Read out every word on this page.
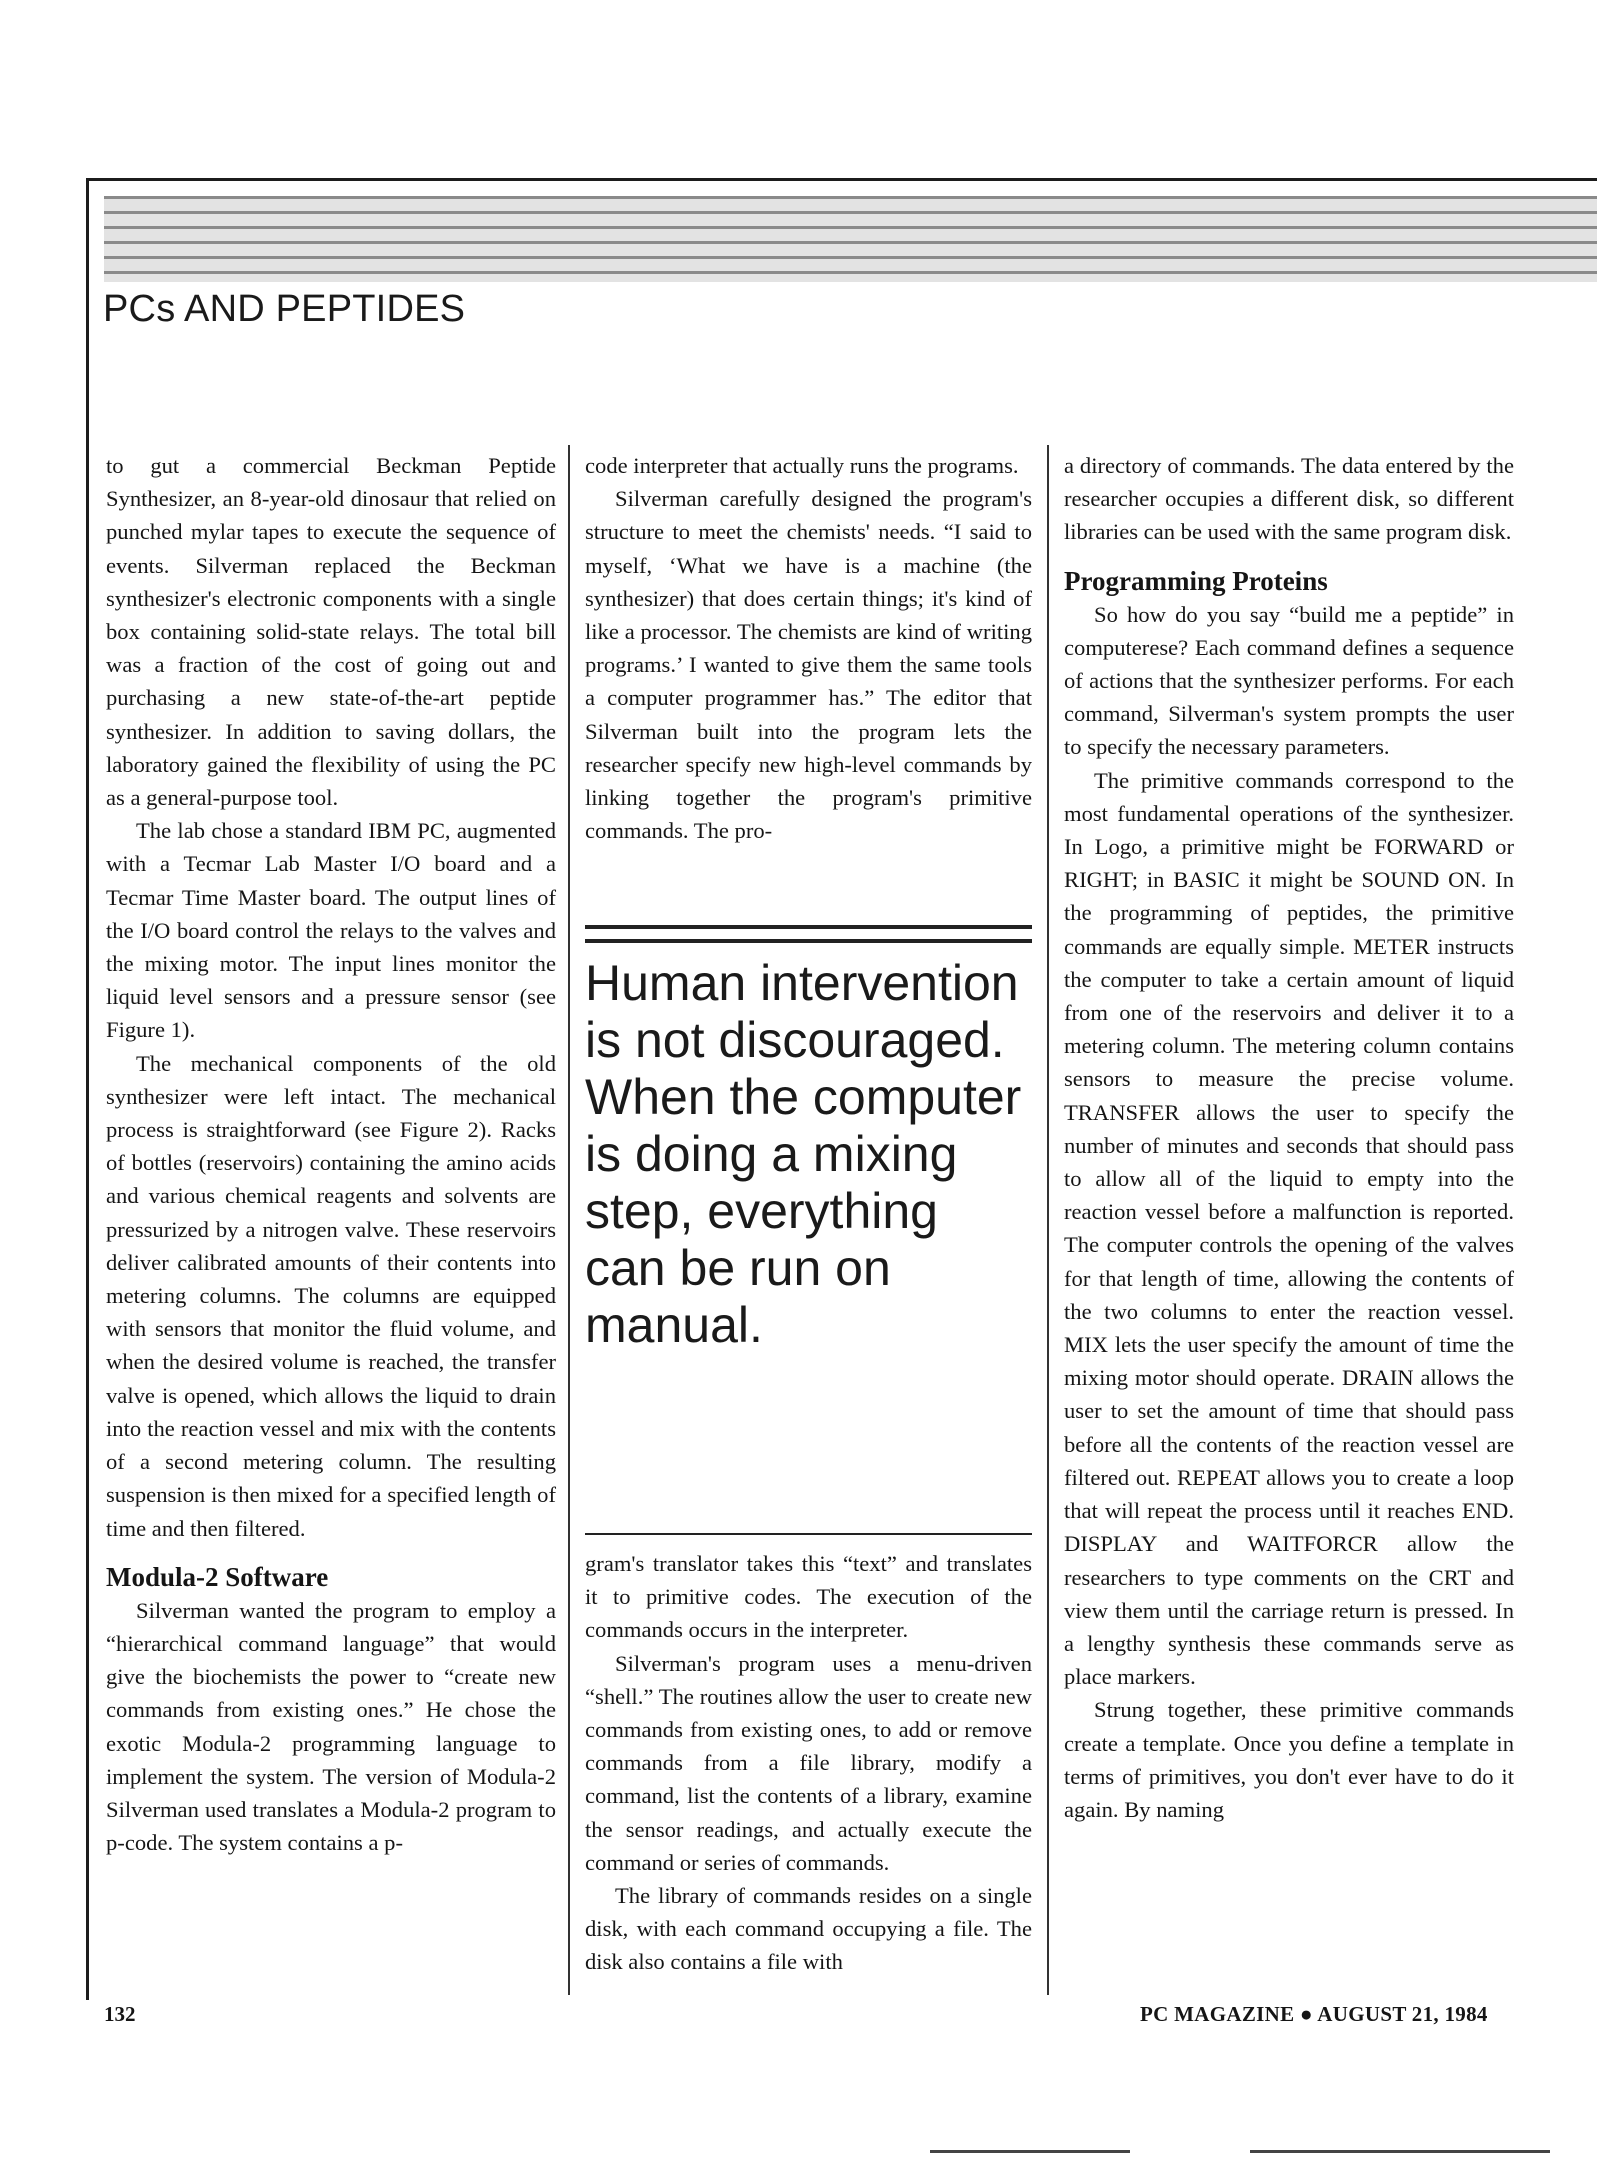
PCs AND PEPTIDES

to gut a commercial Beckman Peptide Synthesizer, an 8-year-old dinosaur that relied on punched mylar tapes to execute the sequence of events. Silverman replaced the Beckman synthesizer's electronic components with a single box containing solid-state relays. The total bill was a fraction of the cost of going out and purchasing a new state-of-the-art peptide synthesizer. In addition to saving dollars, the laboratory gained the flexibility of using the PC as a general-purpose tool.

The lab chose a standard IBM PC, augmented with a Tecmar Lab Master I/O board and a Tecmar Time Master board. The output lines of the I/O board control the relays to the valves and the mixing motor. The input lines monitor the liquid level sensors and a pressure sensor (see Figure 1).

The mechanical components of the old synthesizer were left intact. The mechanical process is straightforward (see Figure 2). Racks of bottles (reservoirs) containing the amino acids and various chemical reagents and solvents are pressurized by a nitrogen valve. These reservoirs deliver calibrated amounts of their contents into metering columns. The columns are equipped with sensors that monitor the fluid volume, and when the desired volume is reached, the transfer valve is opened, which allows the liquid to drain into the reaction vessel and mix with the contents of a second metering column. The resulting suspension is then mixed for a specified length of time and then filtered.

Modula-2 Software

Silverman wanted the program to employ a “hierarchical command language” that would give the biochemists the power to “create new commands from existing ones.” He chose the exotic Modula-2 programming language to implement the system. The version of Modula-2 Silverman used translates a Modula-2 program to p-code. The system contains a p-

code interpreter that actually runs the programs.

Silverman carefully designed the program's structure to meet the chemists' needs. “I said to myself, ‘What we have is a machine (the synthesizer) that does certain things; it's kind of like a processor. The chemists are kind of writing programs.’ I wanted to give them the same tools a computer programmer has.” The editor that Silverman built into the program lets the researcher specify new high-level commands by linking together the program's primitive commands. The pro-

Human intervention is not discouraged. When the computer is doing a mixing step, everything can be run on manual.

gram's translator takes this “text” and translates it to primitive codes. The execution of the commands occurs in the interpreter.

Silverman's program uses a menu-driven “shell.” The routines allow the user to create new commands from existing ones, to add or remove commands from a file library, modify a command, list the contents of a library, examine the sensor readings, and actually execute the command or series of commands.

The library of commands resides on a single disk, with each command occupying a file. The disk also contains a file with

a directory of commands. The data entered by the researcher occupies a different disk, so different libraries can be used with the same program disk.

Programming Proteins

So how do you say “build me a peptide” in computerese? Each command defines a sequence of actions that the synthesizer performs. For each command, Silverman's system prompts the user to specify the necessary parameters.

The primitive commands correspond to the most fundamental operations of the synthesizer. In Logo, a primitive might be FORWARD or RIGHT; in BASIC it might be SOUND ON. In the programming of peptides, the primitive commands are equally simple. METER instructs the computer to take a certain amount of liquid from one of the reservoirs and deliver it to a metering column. The metering column contains sensors to measure the precise volume. TRANSFER allows the user to specify the number of minutes and seconds that should pass to allow all of the liquid to empty into the reaction vessel before a malfunction is reported. The computer controls the opening of the valves for that length of time, allowing the contents of the two columns to enter the reaction vessel. MIX lets the user specify the amount of time the mixing motor should operate. DRAIN allows the user to set the amount of time that should pass before all the contents of the reaction vessel are filtered out. REPEAT allows you to create a loop that will repeat the process until it reaches END. DISPLAY and WAITFORCR allow the researchers to type comments on the CRT and view them until the carriage return is pressed. In a lengthy synthesis these commands serve as place markers.

Strung together, these primitive commands create a template. Once you define a template in terms of primitives, you don't ever have to do it again. By naming

132	PC MAGAZINE ● AUGUST 21, 1984
